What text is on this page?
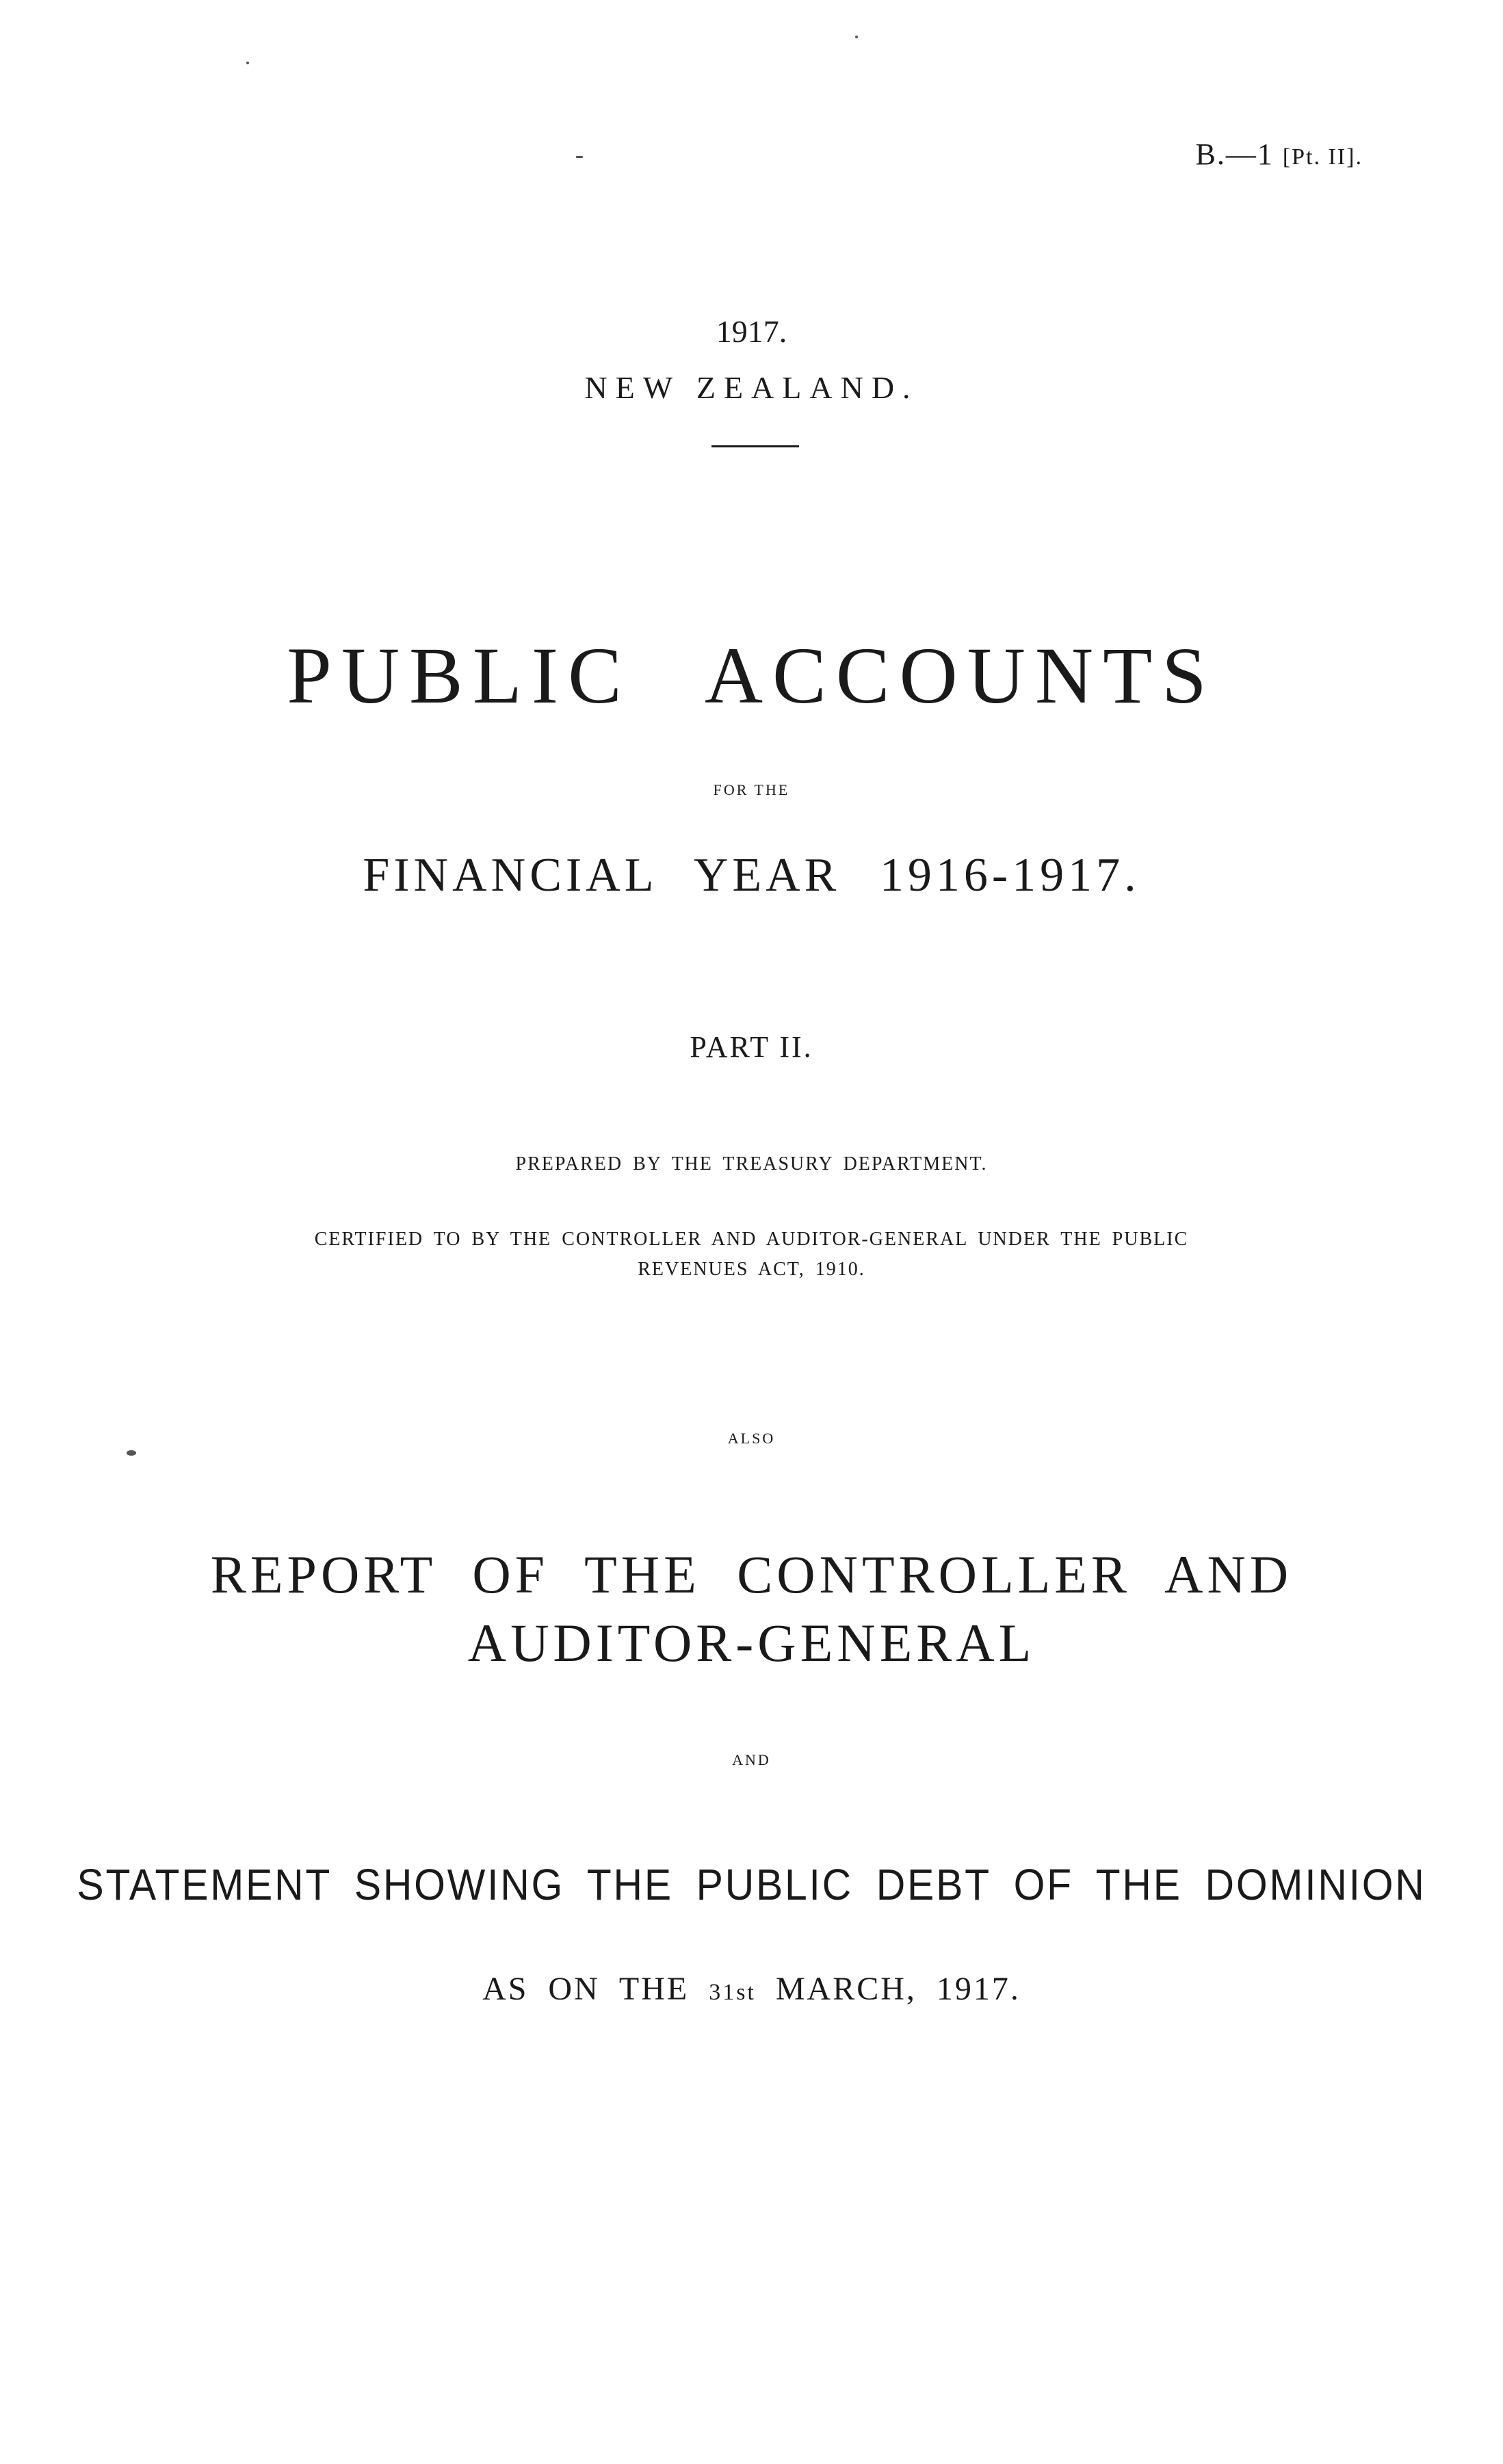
B.—1 [Pt. II].
1917.
NEW ZEALAND.
PUBLIC ACCOUNTS
FOR THE
FINANCIAL YEAR 1916-1917.
PART II.
PREPARED BY THE TREASURY DEPARTMENT.
CERTIFIED TO BY THE CONTROLLER AND AUDITOR-GENERAL UNDER THE PUBLIC
REVENUES ACT, 1910.
ALSO
REPORT OF THE CONTROLLER AND
AUDITOR-GENERAL
AND
STATEMENT SHOWING THE PUBLIC DEBT OF THE DOMINION
AS ON THE 31st MARCH, 1917.
